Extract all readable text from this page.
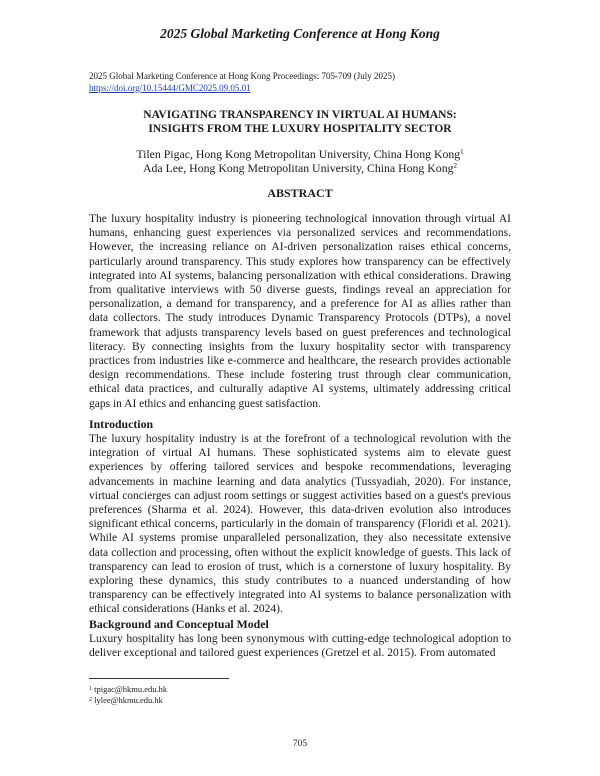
2025 Global Marketing Conference at Hong Kong
2025 Global Marketing Conference at Hong Kong Proceedings: 705-709 (July 2025)
https://doi.org/10.15444/GMC2025.09.05.01
NAVIGATING TRANSPARENCY IN VIRTUAL AI HUMANS:
INSIGHTS FROM THE LUXURY HOSPITALITY SECTOR
Tilen Pigac, Hong Kong Metropolitan University, China Hong Kong$^1$
Ada Lee, Hong Kong Metropolitan University, China Hong Kong$^2$
ABSTRACT
The luxury hospitality industry is pioneering technological innovation through virtual AI humans, enhancing guest experiences via personalized services and recommendations. However, the increasing reliance on AI-driven personalization raises ethical concerns, particularly around transparency. This study explores how transparency can be effectively integrated into AI systems, balancing personalization with ethical considerations. Drawing from qualitative interviews with 50 diverse guests, findings reveal an appreciation for personalization, a demand for transparency, and a preference for AI as allies rather than data collectors. The study introduces Dynamic Transparency Protocols (DTPs), a novel framework that adjusts transparency levels based on guest preferences and technological literacy. By connecting insights from the luxury hospitality sector with transparency practices from industries like e-commerce and healthcare, the research provides actionable design recommendations. These include fostering trust through clear communication, ethical data practices, and culturally adaptive AI systems, ultimately addressing critical gaps in AI ethics and enhancing guest satisfaction.
Introduction
The luxury hospitality industry is at the forefront of a technological revolution with the integration of virtual AI humans. These sophisticated systems aim to elevate guest experiences by offering tailored services and bespoke recommendations, leveraging advancements in machine learning and data analytics (Tussyadiah, 2020). For instance, virtual concierges can adjust room settings or suggest activities based on a guest's previous preferences (Sharma et al. 2024). However, this data-driven evolution also introduces significant ethical concerns, particularly in the domain of transparency (Floridi et al. 2021). While AI systems promise unparalleled personalization, they also necessitate extensive data collection and processing, often without the explicit knowledge of guests. This lack of transparency can lead to erosion of trust, which is a cornerstone of luxury hospitality. By exploring these dynamics, this study contributes to a nuanced understanding of how transparency can be effectively integrated into AI systems to balance personalization with ethical considerations (Hanks et al. 2024).
Background and Conceptual Model
Luxury hospitality has long been synonymous with cutting-edge technological adoption to deliver exceptional and tailored guest experiences (Gretzel et al. 2015). From automated
$^1$ tpigac@hkmu.edu.hk
$^2$ lylee@hkmu.edu.hk
705
